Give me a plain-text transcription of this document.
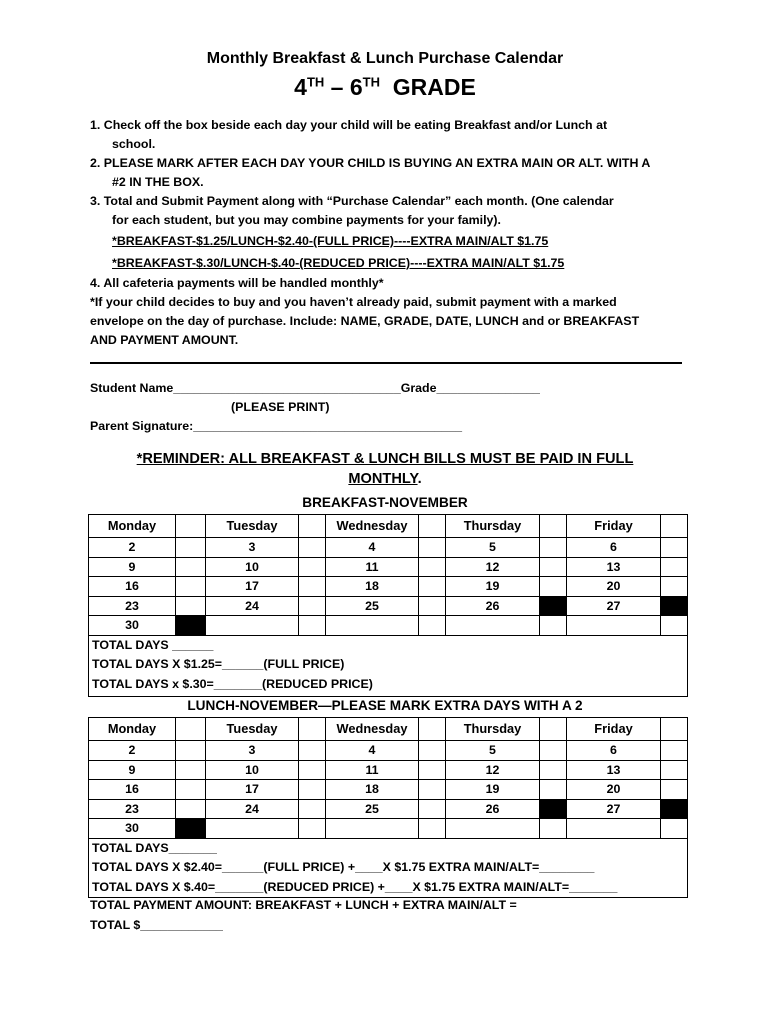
Monthly Breakfast & Lunch Purchase Calendar
4TH – 6TH GRADE
1. Check off the box beside each day your child will be eating Breakfast and/or Lunch at
school.
2. PLEASE MARK AFTER EACH DAY YOUR CHILD IS BUYING AN EXTRA MAIN OR ALT. WITH A
#2 IN THE BOX.
3. Total and Submit Payment along with “Purchase Calendar” each month. (One calendar
for each student, but you may combine payments for your family).
*BREAKFAST-$1.25/LUNCH-$2.40-(FULL PRICE)----EXTRA MAIN/ALT $1.75
*BREAKFAST-$.30/LUNCH-$.40-(REDUCED PRICE)----EXTRA MAIN/ALT $1.75
4. All cafeteria payments will be handled monthly*
*If your child decides to buy and you haven’t already paid, submit payment with a marked
envelope on the day of purchase. Include: NAME, GRADE, DATE, LUNCH and or BREAKFAST
AND PAYMENT AMOUNT.
Student Name_________________________________Grade_______________
(PLEASE PRINT)
Parent Signature:_______________________________________
*REMINDER: ALL BREAKFAST & LUNCH BILLS MUST BE PAID IN FULL
MONTHLY.
BREAKFAST-NOVEMBER
Monday		Tuesday		Wednesday		Thursday		Friday	
2		3		4		5		6	
9		10		11		12		13	
16		17		18		19		20	
23		24		25		26		27	
30									

TOTAL DAYS ______
TOTAL DAYS X $1.25=______(FULL PRICE)
TOTAL DAYS x $.30=_______(REDUCED PRICE)									
LUNCH-NOVEMBER—PLEASE MARK EXTRA DAYS WITH A 2
Monday		Tuesday		Wednesday		Thursday		Friday	
2		3		4		5		6	
9		10		11		12		13	
16		17		18		19		20	
23		24		25		26		27	
30									

TOTAL DAYS_______
TOTAL DAYS X $2.40=______(FULL PRICE) +____X $1.75 EXTRA MAIN/ALT=________
TOTAL DAYS X $.40=_______(REDUCED PRICE) +____X $1.75 EXTRA MAIN/ALT=_______									
TOTAL PAYMENT AMOUNT: BREAKFAST + LUNCH + EXTRA MAIN/ALT =
TOTAL $____________
